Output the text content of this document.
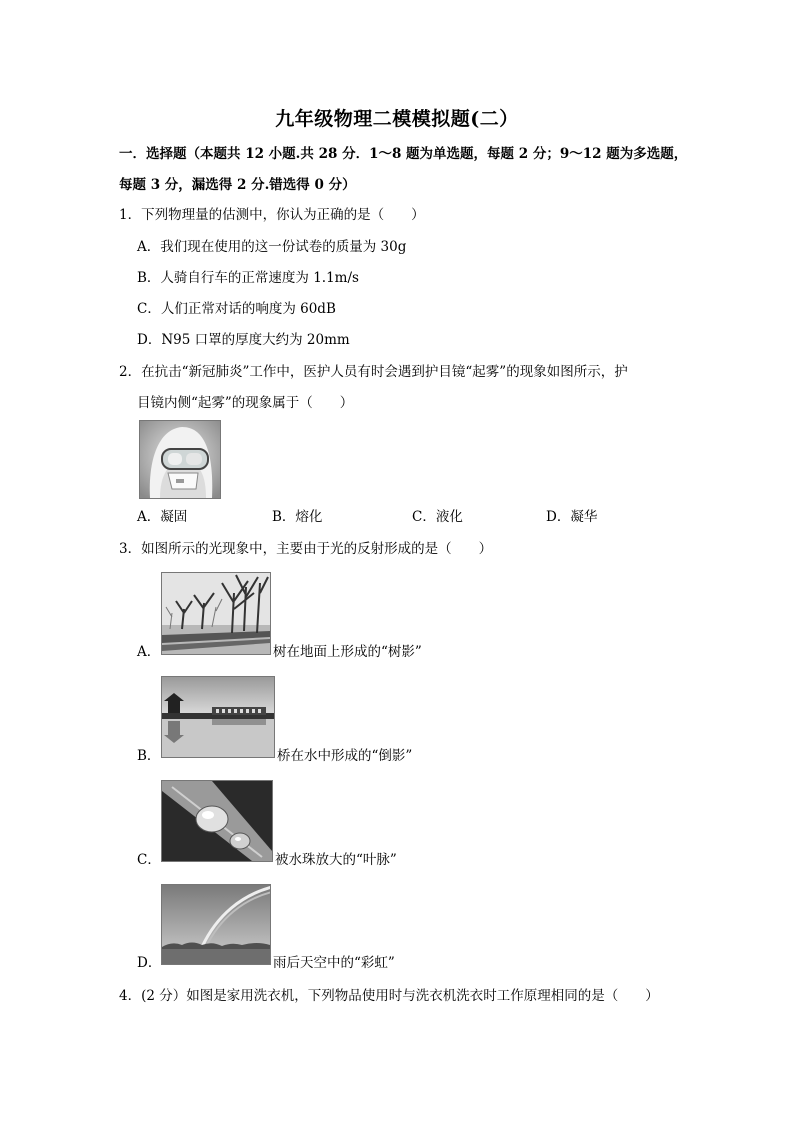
九年级物理二模模拟题(二）
一．选择题（本题共 12 小题.共 28 分．1～8 题为单选题，每题 2 分；9～12 题为多选题，
每题 3 分，漏选得 2 分.错选得 0 分）
1．下列物理量的估测中，你认为正确的是（　　）
A．我们现在使用的这一份试卷的质量为 30g
B．人骑自行车的正常速度为 1.1m/s
C．人们正常对话的响度为 60dB
D．N95 口罩的厚度大约为 20mm
2．在抗击“新冠肺炎”工作中，医护人员有时会遇到护目镜“起雾”的现象如图所示，护
目镜内侧“起雾”的现象属于（　　）
A．凝固	B．熔化	C．液化	D．凝华
3．如图所示的光现象中，主要由于光的反射形成的是（　　）
A．	树在地面上形成的“树影”
B．	桥在水中形成的“倒影”
C．	被水珠放大的“叶脉”
D．	雨后天空中的“彩虹”
4．(2 分）如图是家用洗衣机，下列物品使用时与洗衣机洗衣时工作原理相同的是（　　）
